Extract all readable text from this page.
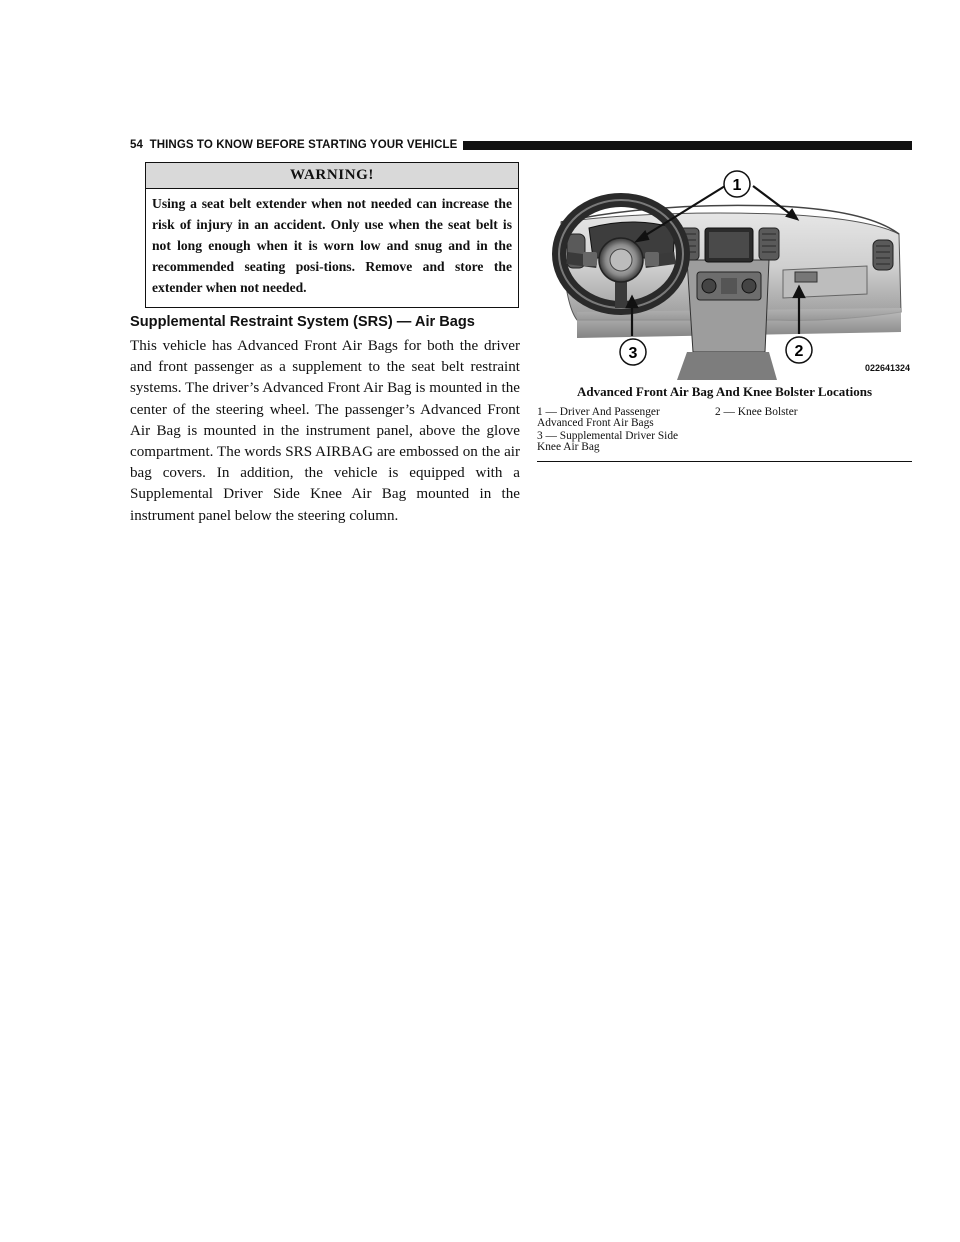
54 THINGS TO KNOW BEFORE STARTING YOUR VEHICLE
WARNING!
Using a seat belt extender when not needed can increase the risk of injury in an accident. Only use when the seat belt is not long enough when it is worn low and snug and in the recommended seating posi-tions. Remove and store the extender when not needed.
Supplemental Restraint System (SRS) — Air Bags
This vehicle has Advanced Front Air Bags for both the driver and front passenger as a supplement to the seat belt restraint systems. The driver’s Advanced Front Air Bag is mounted in the center of the steering wheel. The passenger’s Advanced Front Air Bag is mounted in the instrument panel, above the glove compartment. The words SRS AIRBAG are embossed on the air bag covers. In addition, the vehicle is equipped with a Supplemental Driver Side Knee Air Bag mounted in the instrument panel below the steering column.
1
2
3
022641324
Advanced Front Air Bag And Knee Bolster Locations
1 — Driver And Passenger
Advanced Front Air Bags
2 — Knee Bolster
3 — Supplemental Driver Side
Knee Air Bag
